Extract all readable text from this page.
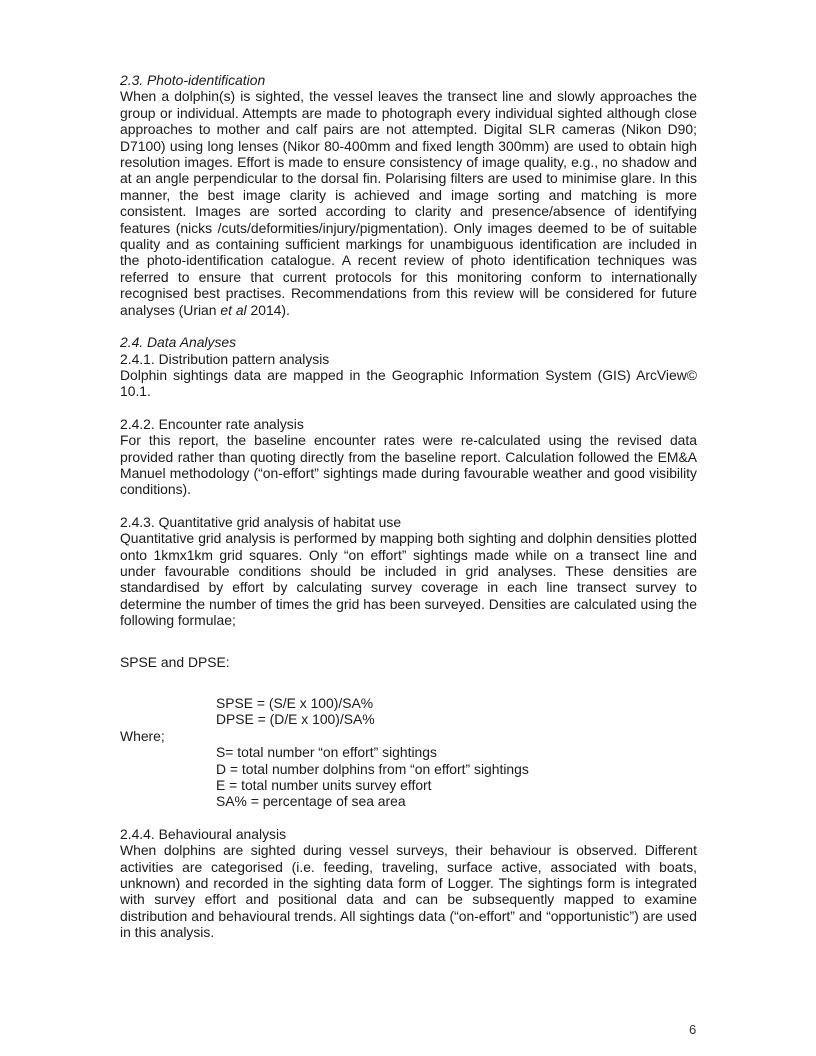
2.3. Photo-identification

When a dolphin(s) is sighted, the vessel leaves the transect line and slowly approaches the group or individual. Attempts are made to photograph every individual sighted although close approaches to mother and calf pairs are not attempted. Digital SLR cameras (Nikon D90; D7100) using long lenses (Nikor 80-400mm and fixed length 300mm) are used to obtain high resolution images. Effort is made to ensure consistency of image quality, e.g., no shadow and at an angle perpendicular to the dorsal fin. Polarising filters are used to minimise glare. In this manner, the best image clarity is achieved and image sorting and matching is more consistent. Images are sorted according to clarity and presence/absence of identifying features (nicks /cuts/deformities/injury/pigmentation). Only images deemed to be of suitable quality and as containing sufficient markings for unambiguous identification are included in the photo-identification catalogue. A recent review of photo identification techniques was referred to ensure that current protocols for this monitoring conform to internationally recognised best practises. Recommendations from this review will be considered for future analyses (Urian et al 2014).

2.4. Data Analyses

2.4.1. Distribution pattern analysis

Dolphin sightings data are mapped in the Geographic Information System (GIS) ArcView© 10.1.

2.4.2. Encounter rate analysis

For this report, the baseline encounter rates were re-calculated using the revised data provided rather than quoting directly from the baseline report. Calculation followed the EM&A Manuel methodology (“on-effort” sightings made during favourable weather and good visibility conditions).

2.4.3. Quantitative grid analysis of habitat use

Quantitative grid analysis is performed by mapping both sighting and dolphin densities plotted onto 1kmx1km grid squares. Only “on effort” sightings made while on a transect line and under favourable conditions should be included in grid analyses. These densities are standardised by effort by calculating survey coverage in each line transect survey to determine the number of times the grid has been surveyed. Densities are calculated using the following formulae;

SPSE and DPSE:

SPSE = (S/E x 100)/SA%

DPSE = (D/E x 100)/SA%

Where;

S= total number “on effort” sightings

D = total number dolphins from “on effort” sightings

E = total number units survey effort

SA% = percentage of sea area

2.4.4. Behavioural analysis

When dolphins are sighted during vessel surveys, their behaviour is observed. Different activities are categorised (i.e. feeding, traveling, surface active, associated with boats, unknown) and recorded in the sighting data form of Logger. The sightings form is integrated with survey effort and positional data and can be subsequently mapped to examine distribution and behavioural trends. All sightings data (“on-effort” and “opportunistic”) are used in this analysis.

6
